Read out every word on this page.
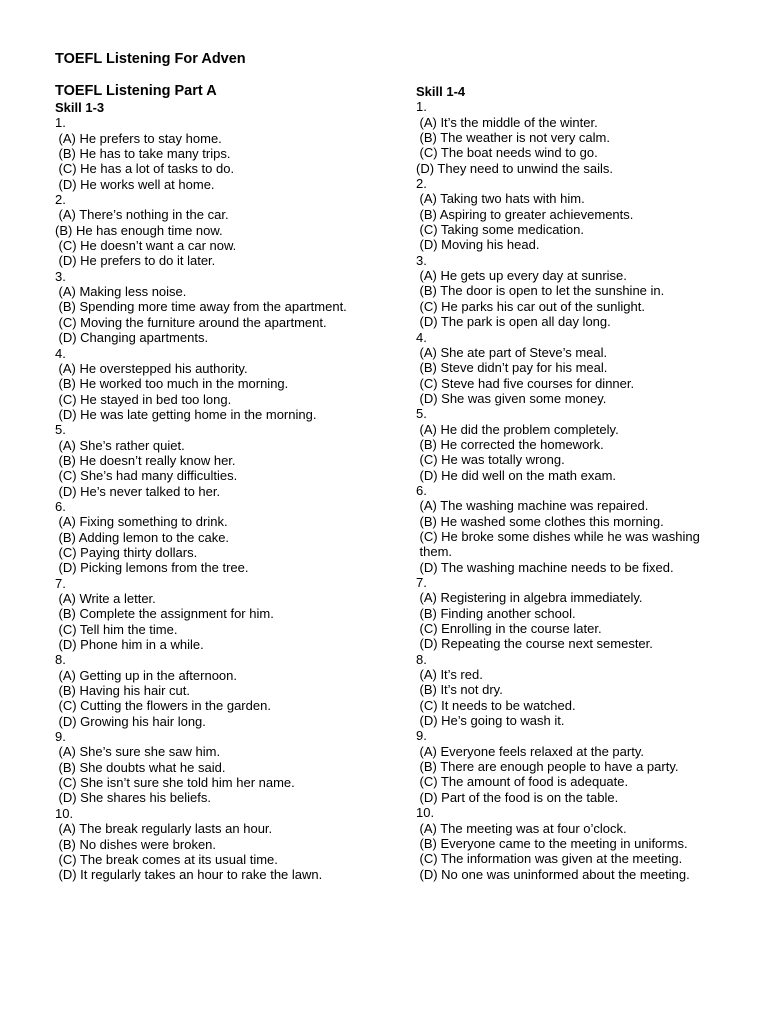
TOEFL Listening For Adven
TOEFL Listening Part A
Skill 1-3
1.
(A) He prefers to stay home.
(B) He has to take many trips.
(C) He has a lot of tasks to do.
(D) He works well at home.
2.
(A) There’s nothing in the car.
(B) He has enough time now.
(C) He doesn’t want a car now.
(D) He prefers to do it later.
3.
(A) Making less noise.
(B) Spending more time away from the apartment.
(C) Moving the furniture around the apartment.
(D) Changing apartments.
4.
(A) He overstepped his authority.
(B) He worked too much in the morning.
(C) He stayed in bed too long.
(D) He was late getting home in the morning.
5.
(A) She’s rather quiet.
(B) He doesn’t really know her.
(C) She’s had many difficulties.
(D) He’s never talked to her.
6.
(A) Fixing something to drink.
(B) Adding lemon to the cake.
(C) Paying thirty dollars.
(D) Picking lemons from the tree.
7.
(A) Write a letter.
(B) Complete the assignment for him.
(C) Tell him the time.
(D) Phone him in a while.
8.
(A) Getting up in the afternoon.
(B) Having his hair cut.
(C) Cutting the flowers in the garden.
(D) Growing his hair long.
9.
(A) She’s sure she saw him.
(B) She doubts what he said.
(C) She isn’t sure she told him her name.
(D) She shares his beliefs.
10.
(A) The break regularly lasts an hour.
(B) No dishes were broken.
(C) The break comes at its usual time.
(D) It regularly takes an hour to rake the lawn.
Skill 1-4
1.
(A) It’s the middle of the winter.
(B) The weather is not very calm.
(C) The boat needs wind to go.
(D) They need to unwind the sails.
2.
(A) Taking two hats with him.
(B) Aspiring to greater achievements.
(C) Taking some medication.
(D) Moving his head.
3.
(A) He gets up every day at sunrise.
(B) The door is open to let the sunshine in.
(C) He parks his car out of the sunlight.
(D) The park is open all day long.
4.
(A) She ate part of Steve’s meal.
(B) Steve didn’t pay for his meal.
(C) Steve had five courses for dinner.
(D) She was given some money.
5.
(A) He did the problem completely.
(B) He corrected the homework.
(C) He was totally wrong.
(D) He did well on the math exam.
6.
(A) The washing machine was repaired.
(B) He washed some clothes this morning.
(C) He broke some dishes while he was washing them.
(D) The washing machine needs to be fixed.
7.
(A) Registering in algebra immediately.
(B) Finding another school.
(C) Enrolling in the course later.
(D) Repeating the course next semester.
8.
(A) It’s red.
(B) It’s not dry.
(C) It needs to be watched.
(D) He’s going to wash it.
9.
(A) Everyone feels relaxed at the party.
(B) There are enough people to have a party.
(C) The amount of food is adequate.
(D) Part of the food is on the table.
10.
(A) The meeting was at four o’clock.
(B) Everyone came to the meeting in uniforms.
(C) The information was given at the meeting.
(D) No one was uninformed about the meeting.
